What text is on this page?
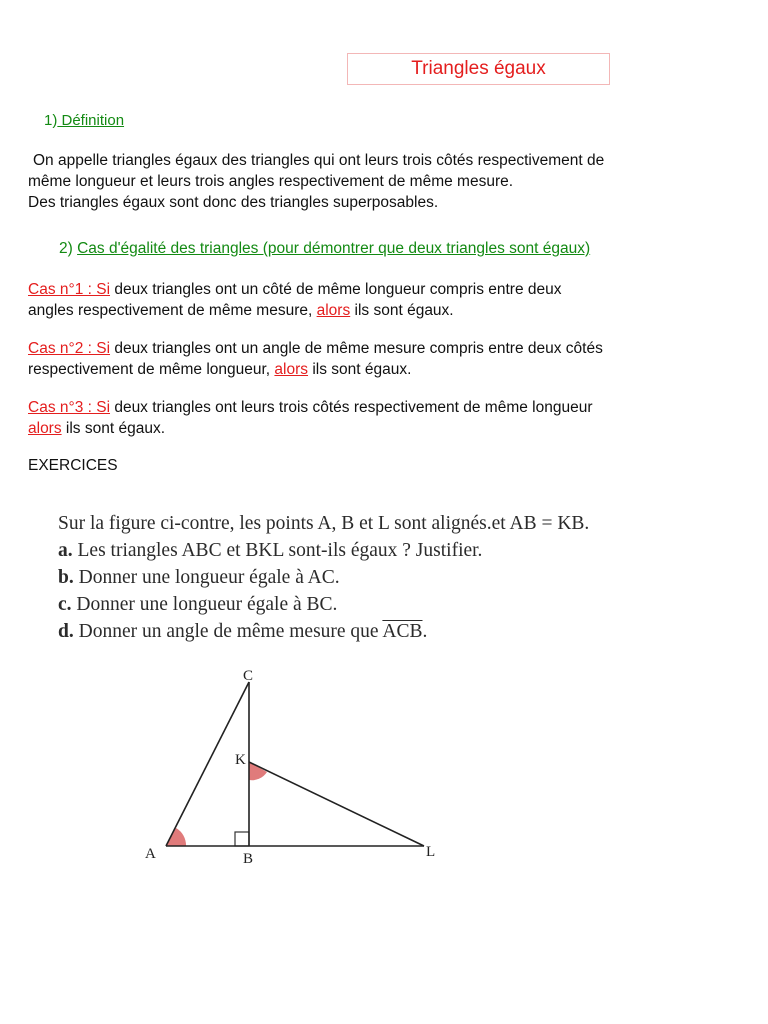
Triangles égaux
1) Définition
On appelle triangles égaux des triangles qui ont leurs trois côtés respectivement de
même longueur et leurs trois angles respectivement de même mesure.
Des triangles égaux sont donc des triangles superposables.
2) Cas d'égalité des triangles (pour démontrer que deux triangles sont égaux)
Cas n°1 : Si deux triangles ont un côté de même longueur compris entre deux
angles respectivement de même mesure, alors ils sont égaux.
Cas n°2 : Si deux triangles ont un angle de même mesure compris entre deux côtés
respectivement de même longueur, alors ils sont égaux.
Cas n°3 : Si deux triangles ont leurs trois côtés respectivement de même longueur
alors ils sont égaux.
EXERCICES
Sur la figure ci-contre, les points A, B et L sont alignés.et AB = KB.
a. Les triangles ABC et BKL sont-ils égaux ? Justifier.
b. Donner une longueur égale à AC.
c. Donner une longueur égale à BC.
d. Donner un angle de même mesure que $\overline{ACB}$.
C
K
A	B	L
